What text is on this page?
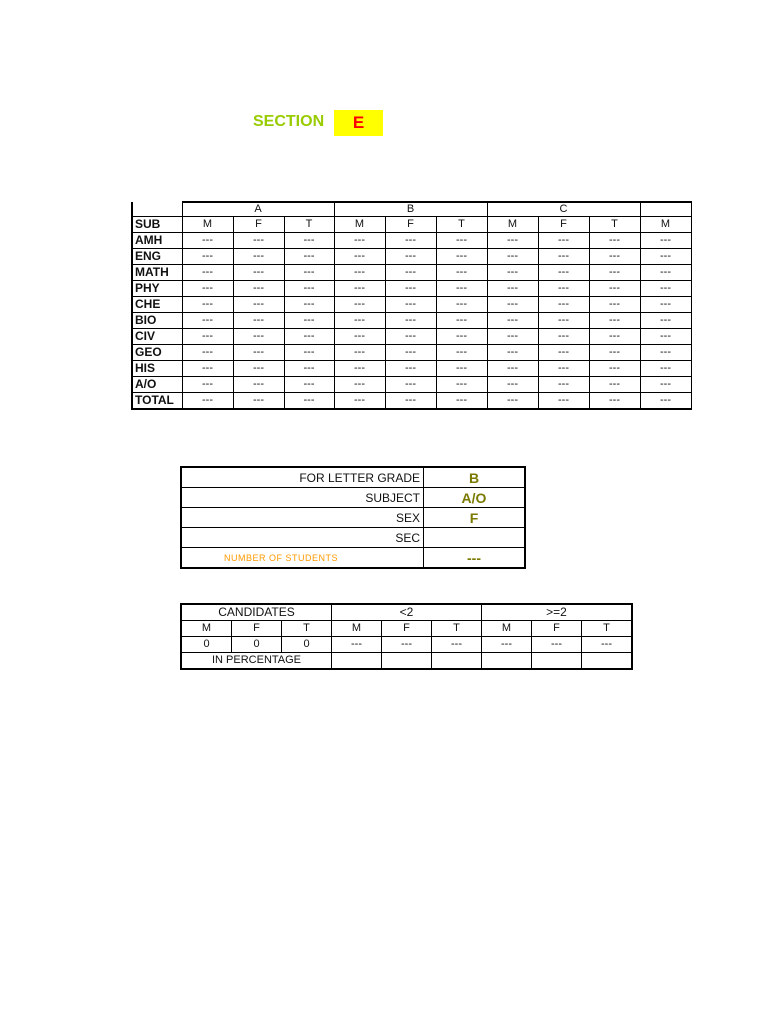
SECTION	E
	A			B			C			
SUB	M	F	T	M	F	T	M	F	T	M
AMH	---	---	---	---	---	---	---	---	---	---
ENG	---	---	---	---	---	---	---	---	---	---
MATH	---	---	---	---	---	---	---	---	---	---
PHY	---	---	---	---	---	---	---	---	---	---
CHE	---	---	---	---	---	---	---	---	---	---
BIO	---	---	---	---	---	---	---	---	---	---
CIV	---	---	---	---	---	---	---	---	---	---
GEO	---	---	---	---	---	---	---	---	---	---
HIS	---	---	---	---	---	---	---	---	---	---
A/O	---	---	---	---	---	---	---	---	---	---
TOTAL	---	---	---	---	---	---	---	---	---	---
FOR LETTER GRADE	B
SUBJECT	A/O
SEX	F
SEC	
NUMBER OF STUDENTS	---
CANDIDATES			<2			>=2		
M	F	T	M	F	T	M	F	T
0	0	0	---	---	---	---	---	---
IN PERCENTAGE								
